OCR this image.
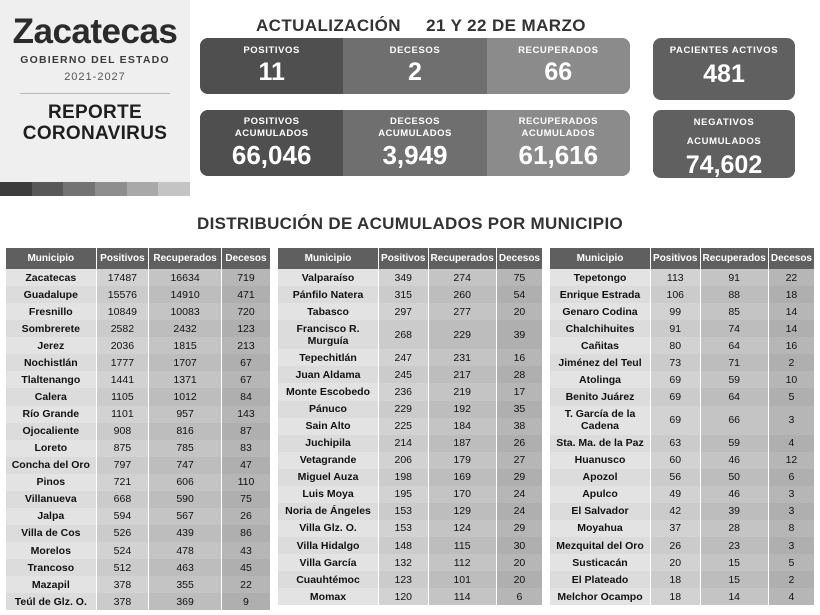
Zacatecas
GOBIERNO DEL ESTADO
2021-2027
REPORTE
CORONAVIRUS
ACTUALIZACIÓN 21 Y 22 DE MARZO
POSITIVOS
11
DECESOS
2
RECUPERADOS
66
PACIENTES ACTIVOS
481
POSITIVOS
ACUMULADOS
66,046
DECESOS
ACUMULADOS
3,949
RECUPERADOS
ACUMULADOS
61,616
NEGATIVOS
ACUMULADOS
74,602
DISTRIBUCIÓN DE ACUMULADOS POR MUNICIPIO
Municipio	Positivos	Recuperados	Decesos
Zacatecas	17487	16634	719
Guadalupe	15576	14910	471
Fresnillo	10849	10083	720
Sombrerete	2582	2432	123
Jerez	2036	1815	213
Nochistlán	1777	1707	67
Tlaltenango	1441	1371	67
Calera	1105	1012	84
Río Grande	1101	957	143
Ojocaliente	908	816	87
Loreto	875	785	83
Concha del Oro	797	747	47
Pinos	721	606	110
Villanueva	668	590	75
Jalpa	594	567	26
Villa de Cos	526	439	86
Morelos	524	478	43
Trancoso	512	463	45
Mazapil	378	355	22
Teúl de Glz. O.	378	369	9
Municipio	Positivos	Recuperados	Decesos
Valparaíso	349	274	75
Pánfilo Natera	315	260	54
Tabasco	297	277	20
Francisco R. Murguía	268	229	39
Tepechitlán	247	231	16
Juan Aldama	245	217	28
Monte Escobedo	236	219	17
Pánuco	229	192	35
Sain Alto	225	184	38
Juchipila	214	187	26
Vetagrande	206	179	27
Miguel Auza	198	169	29
Luis Moya	195	170	24
Noria de Ángeles	153	129	24
Villa Glz. O.	153	124	29
Villa Hidalgo	148	115	30
Villa García	132	112	20
Cuauhtémoc	123	101	20
Momax	120	114	6
Municipio	Positivos	Recuperados	Decesos
Tepetongo	113	91	22
Enrique Estrada	106	88	18
Genaro Codina	99	85	14
Chalchihuites	91	74	14
Cañitas	80	64	16
Jiménez del Teul	73	71	2
Atolinga	69	59	10
Benito Juárez	69	64	5
T. García de la Cadena	69	66	3
Sta. Ma. de la Paz	63	59	4
Huanusco	60	46	12
Apozol	56	50	6
Apulco	49	46	3
El Salvador	42	39	3
Moyahua	37	28	8
Mezquital del Oro	26	23	3
Susticacán	20	15	5
El Plateado	18	15	2
Melchor Ocampo	18	14	4
